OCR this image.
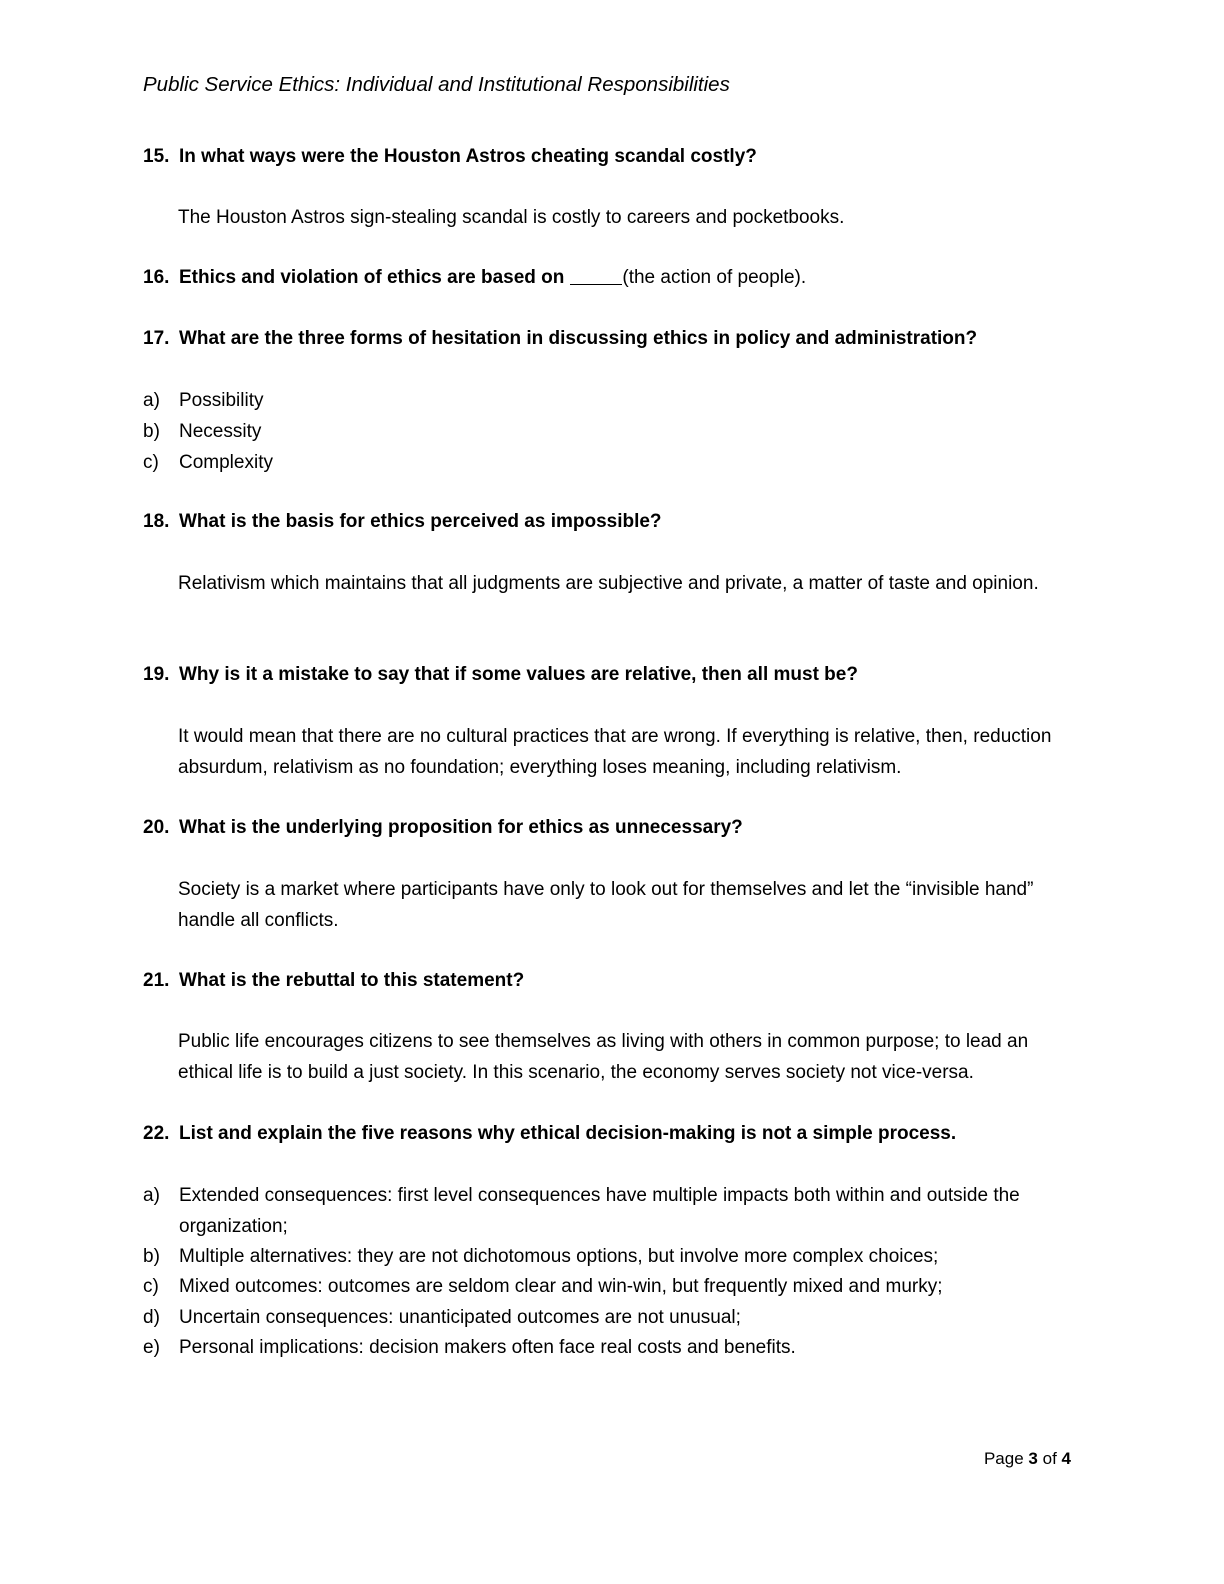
Public Service Ethics: Individual and Institutional Responsibilities
15. In what ways were the Houston Astros cheating scandal costly?
The Houston Astros sign-stealing scandal is costly to careers and pocketbooks.
16. Ethics and violation of ethics are based on	(the action of people).
17. What are the three forms of hesitation in discussing ethics in policy and administration?
a)	Possibility
b)	Necessity
c)	Complexity
18. What is the basis for ethics perceived as impossible?
Relativism which maintains that all judgments are subjective and private, a matter of taste and opinion.
19. Why is it a mistake to say that if some values are relative, then all must be?
It would mean that there are no cultural practices that are wrong. If everything is relative, then, reduction absurdum, relativism as no foundation; everything loses meaning, including relativism.
20. What is the underlying proposition for ethics as unnecessary?
Society is a market where participants have only to look out for themselves and let the “invisible hand” handle all conflicts.
21. What is the rebuttal to this statement?
Public life encourages citizens to see themselves as living with others in common purpose; to lead an ethical life is to build a just society. In this scenario, the economy serves society not vice-versa.
22. List and explain the five reasons why ethical decision-making is not a simple process.
a)	Extended consequences: first level consequences have multiple impacts both within and outside the organization;
b)	Multiple alternatives: they are not dichotomous options, but involve more complex choices;
c)	Mixed outcomes: outcomes are seldom clear and win-win, but frequently mixed and murky;
d)	Uncertain consequences: unanticipated outcomes are not unusual;
e)	Personal implications: decision makers often face real costs and benefits.
Page 3 of 4
